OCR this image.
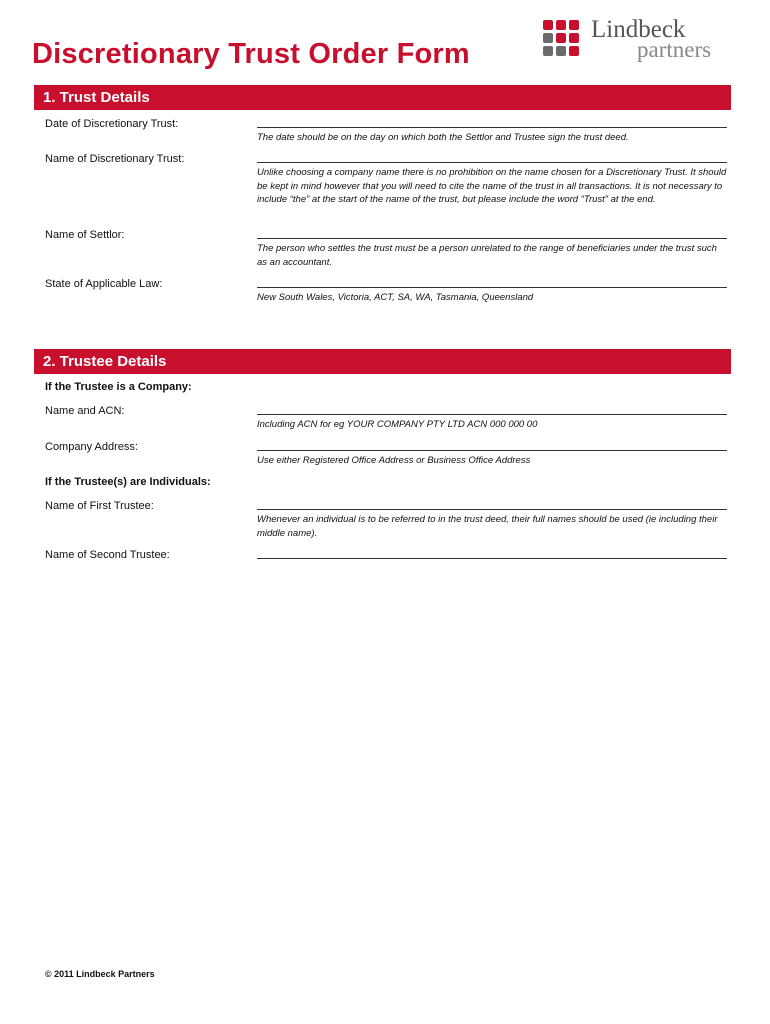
Discretionary Trust Order Form
Lindbeck
partners
1. Trust Details
Date of Discretionary Trust:
The date should be on the day on which both the Settlor and Trustee sign the trust deed.
Name of Discretionary Trust:
Unlike choosing a company name there is no prohibition on the name chosen for a Discretionary Trust. It should be kept in mind however that you will need to cite the name of the trust in all transactions. It is not necessary to include “the” at the start of the name of the trust, but please include the word “Trust” at the end.
Name of Settlor:
The person who settles the trust must be a person unrelated to the range of beneficiaries under the trust such as an accountant.
State of Applicable Law:
New South Wales, Victoria, ACT, SA, WA, Tasmania, Queensland
2. Trustee Details
If the Trustee is a Company:
Name and ACN:
Including ACN for eg YOUR COMPANY PTY LTD ACN 000 000 00
Company Address:
Use either Registered Office Address or Business Office Address
If the Trustee(s) are Individuals:
Name of First Trustee:
Whenever an individual is to be referred to in the trust deed, their full names should be used (ie including their middle name).
Name of Second Trustee:
© 2011 Lindbeck Partners
